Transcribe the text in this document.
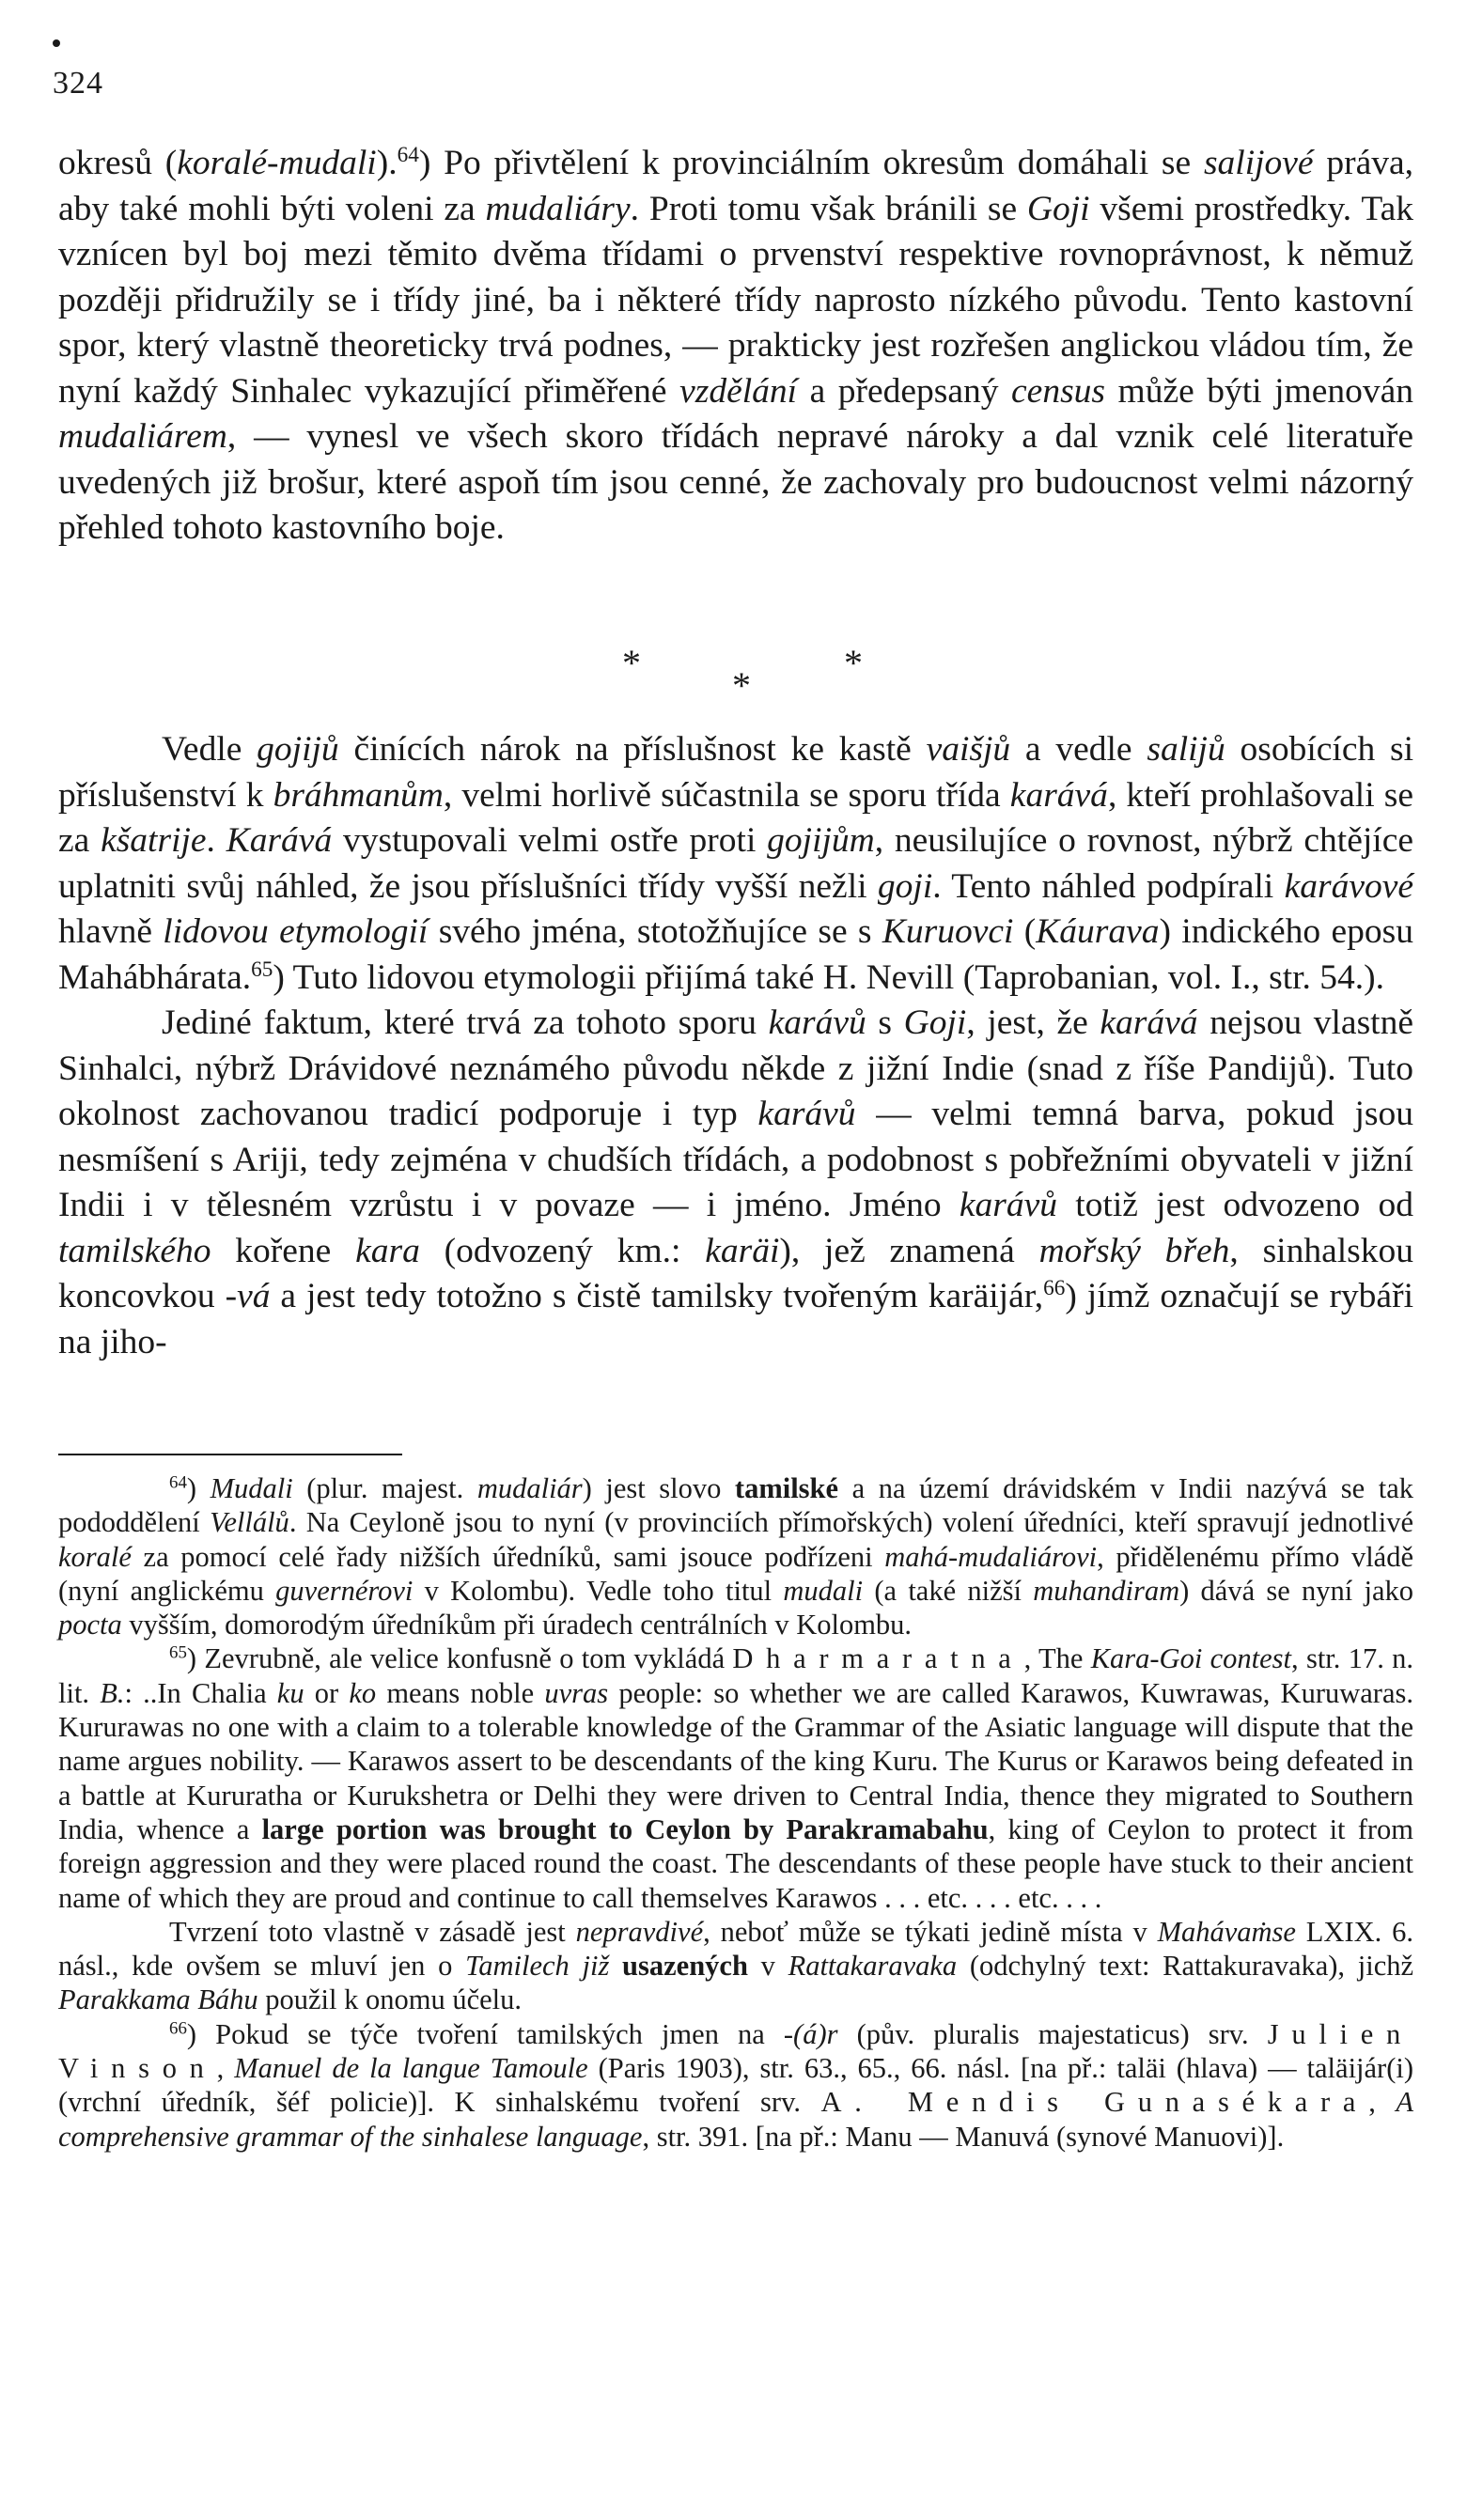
324

okresů (koralé-mudali).$^{64}$) Po přivtělení k provinciálním okresům domáhali se salijové práva, aby také mohli býti voleni za mudaliáry. Proti tomu však bránili se Goji všemi prostředky. Tak vznícen byl boj mezi těmito dvěma třídami o prvenství respektive rovnoprávnost, k němuž později přidružily se i třídy jiné, ba i některé třídy naprosto nízkého původu. Tento kastovní spor, který vlastně theoreticky trvá podnes, — prakticky jest rozřešen anglickou vládou tím, že nyní každý Sinhalec vykazující přiměřené vzdělání a předepsaný census může býti jmenován mudaliárem, — vynesl ve všech skoro třídách nepravé nároky a dal vznik celé literatuře uvedených již brošur, které aspoň tím jsou cenné, že zachovaly pro budoucnost velmi názorný přehled tohoto kastovního boje.

*	*
*

Vedle gojijů činících nárok na příslušnost ke kastě vaišjů a vedle salijů osobících si příslušenství k bráhmanům, velmi horlivě súčastnila se sporu třída karává, kteří prohlašovali se za kšatrije. Karává vystupovali velmi ostře proti gojijům, neusilujíce o rovnost, nýbrž chtějíce uplatniti svůj náhled, že jsou příslušníci třídy vyšší nežli goji. Tento náhled podpírali karávové hlavně lidovou etymologií svého jména, stotožňujíce se s Kuruovci (Káurava) indického eposu Mahábhárata.$^{65}$) Tuto lidovou etymologii přijímá také H. Nevill (Taprobanian, vol. I., str. 54.).

Jediné faktum, které trvá za tohoto sporu karávů s Goji, jest, že karává nejsou vlastně Sinhalci, nýbrž Drávidové neznámého původu někde z jižní Indie (snad z říše Pandijů). Tuto okolnost zachovanou tradicí podporuje i typ karávů — velmi temná barva, pokud jsou nesmíšení s Ariji, tedy zejména v chudších třídách, a podobnost s pobřežními obyvateli v jižní Indii i v tělesném vzrůstu i v povaze — i jméno. Jméno karávů totiž jest odvozeno od tamilského kořene kara (odvozený km.: karäi), jež znamená mořský břeh, sinhalskou koncovkou -vá a jest tedy totožno s čistě tamilsky tvořeným karäijár,$^{66}$) jímž označují se rybáři na jiho-

$^{64}$) Mudali (plur. majest. mudaliár) jest slovo tamilské a na území drávidském v Indii nazývá se tak pododdělení Vellálů. Na Ceyloně jsou to nyní (v provinciích přímořských) volení úředníci, kteří spravují jednotlivé koralé za pomocí celé řady nižších úředníků, sami jsouce podřízeni mahá-mudaliárovi, přidělenému přímo vládě (nyní anglickému guvernérovi v Kolombu). Vedle toho titul mudali (a také nižší muhandiram) dává se nyní jako pocta vyšším, domorodým úředníkům při úradech centrálních v Kolombu.

$^{65}$) Zevrubně, ale velice konfusně o tom vykládá Dharmaratna, The Kara-Goi contest, str. 17. n. lit. B.: ..In Chalia ku or ko means noble uvras people: so whether we are called Karawos, Kuwrawas, Kuruwaras. Kururawas no one with a claim to a tolerable knowledge of the Grammar of the Asiatic language will dispute that the name argues nobility. — Karawos assert to be descendants of the king Kuru. The Kurus or Karawos being defeated in a battle at Kururatha or Kurukshetra or Delhi they were driven to Central India, thence they migrated to Southern India, whence a large portion was brought to Ceylon by Parakramabahu, king of Ceylon to protect it from foreign aggression and they were placed round the coast. The descendants of these people have stuck to their ancient name of which they are proud and continue to call themselves Karawos . . . etc. . . . etc. . . .

Tvrzení toto vlastně v zásadě jest nepravdivé, neboť může se týkati jedině místa v Mahávaṁse LXIX. 6. násl., kde ovšem se mluví jen o Tamilech již usazených v Rattakaravaka (odchylný text: Rattakuravaka), jichž Parakkama Báhu použil k onomu účelu.

$^{66}$) Pokud se týče tvoření tamilských jmen na -(á)r (pův. pluralis majestaticus) srv. Julien Vinson, Manuel de la langue Tamoule (Paris 1903), str. 63., 65., 66. násl. [na př.: taläi (hlava) — taläijár(i) (vrchní úředník, šéf policie)]. K sinhalskému tvoření srv. A. Mendis Gunasékara, A comprehensive grammar of the sinhalese language, str. 391. [na př.: Manu — Manuvá (synové Manuovi)].
